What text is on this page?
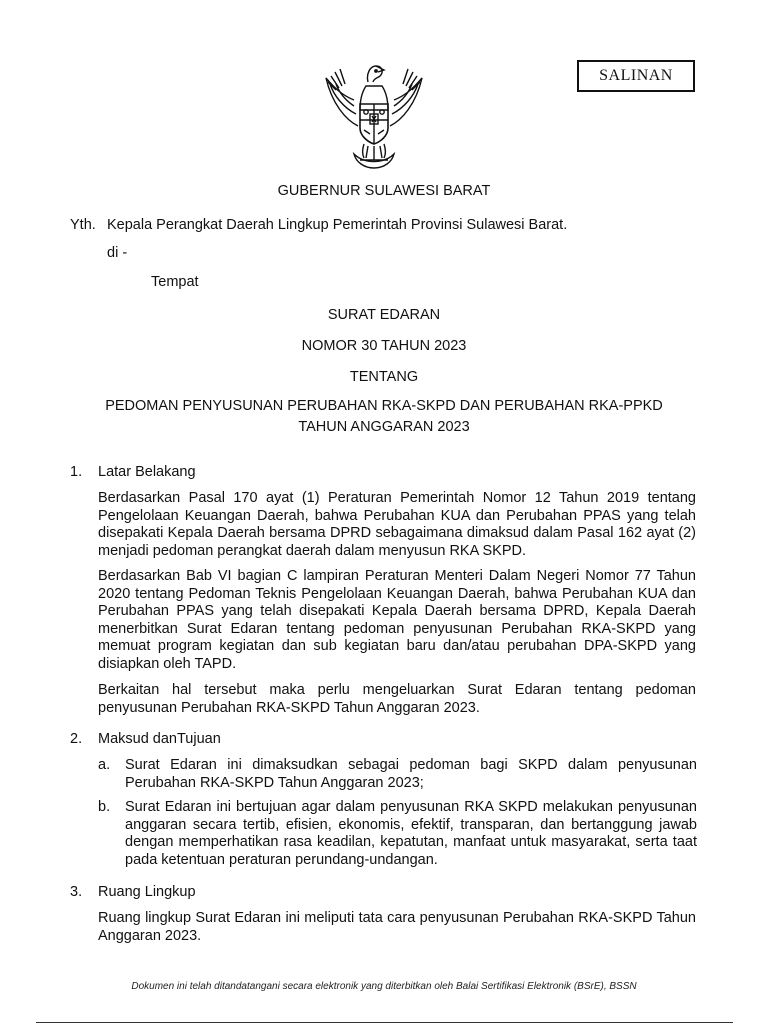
SALINAN
GUBERNUR SULAWESI BARAT
Yth. Kepala Perangkat Daerah Lingkup Pemerintah Provinsi Sulawesi Barat.
di -
Tempat
SURAT EDARAN
NOMOR 30 TAHUN 2023
TENTANG
PEDOMAN PENYUSUNAN PERUBAHAN RKA-SKPD DAN PERUBAHAN RKA-PPKD
TAHUN ANGGARAN 2023
1. Latar Belakang
Berdasarkan Pasal 170 ayat (1) Peraturan Pemerintah Nomor 12 Tahun 2019 tentang Pengelolaan Keuangan Daerah, bahwa Perubahan KUA dan Perubahan PPAS yang telah disepakati Kepala Daerah bersama DPRD sebagaimana dimaksud dalam Pasal 162 ayat (2) menjadi pedoman perangkat daerah dalam menyusun RKA SKPD.
Berdasarkan Bab VI bagian C lampiran Peraturan Menteri Dalam Negeri Nomor 77 Tahun 2020 tentang Pedoman Teknis Pengelolaan Keuangan Daerah, bahwa Perubahan KUA dan Perubahan PPAS yang telah disepakati Kepala Daerah bersama DPRD, Kepala Daerah menerbitkan Surat Edaran tentang pedoman penyusunan Perubahan RKA-SKPD yang memuat program kegiatan dan sub kegiatan baru dan/atau perubahan DPA-SKPD yang disiapkan oleh TAPD.
Berkaitan hal tersebut maka perlu mengeluarkan Surat Edaran tentang pedoman penyusunan Perubahan RKA-SKPD Tahun Anggaran 2023.
2. Maksud danTujuan
a. Surat Edaran ini dimaksudkan sebagai pedoman bagi SKPD dalam penyusunan Perubahan RKA-SKPD Tahun Anggaran 2023;
b. Surat Edaran ini bertujuan agar dalam penyusunan RKA SKPD melakukan penyusunan anggaran secara tertib, efisien, ekonomis, efektif, transparan, dan bertanggung jawab dengan memperhatikan rasa keadilan, kepatutan, manfaat untuk masyarakat, serta taat pada ketentuan peraturan perundang-undangan.
3. Ruang Lingkup
Ruang lingkup Surat Edaran ini meliputi tata cara penyusunan Perubahan RKA-SKPD Tahun Anggaran 2023.
Dokumen ini telah ditandatangani secara elektronik yang diterbitkan oleh Balai Sertifikasi Elektronik (BSrE), BSSN
